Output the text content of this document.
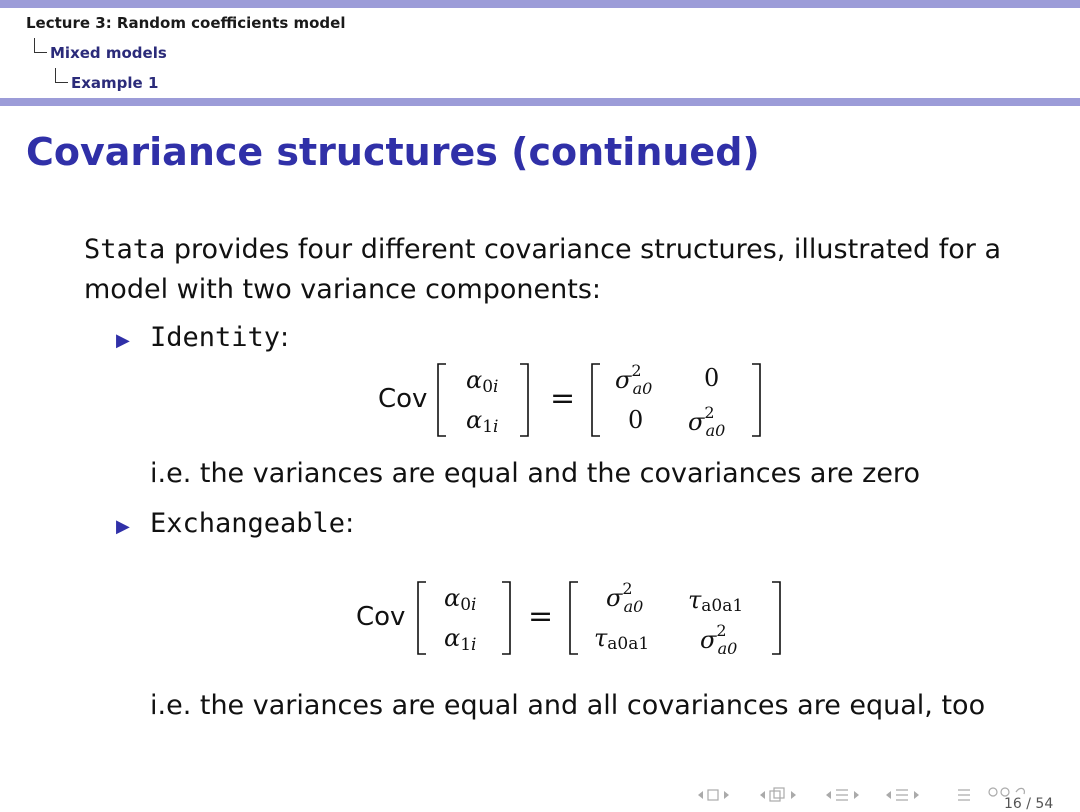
Lecture 3: Random coefficients model
Mixed models
Example 1
Covariance structures (continued)

Stata provides four different covariance structures, illustrated for a
model with two variance components:

▶ Identity:
Cov
α0i
α1i
=
$\sigma^2$ a0 0
0 $\sigma^2$ a0
i.e. the variances are equal and the covariances are zero
▶ Exchangeable:
Cov
α0i
α1i
=
$\sigma^2$ a0 τa0a1
τa0a1 $\sigma^2$ a0
i.e. the variances are equal and all covariances are equal, too
16 / 54
